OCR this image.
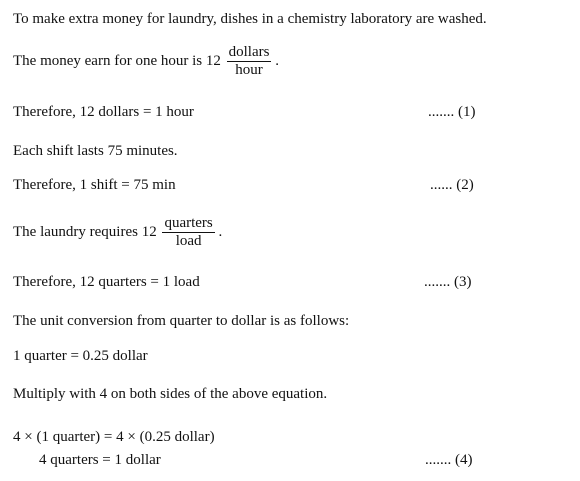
To make extra money for laundry, dishes in a chemistry laboratory are washed.
The money earn for one hour is $12 \frac{\text{dollars}}{\text{hour}}$ .
Therefore, 12 dollars = 1 hour	....... (1)
Each shift lasts 75 minutes.
Therefore, 1 shift = 75 min	...... (2)
The laundry requires $12 \frac{\text{quarters}}{\text{load}}$ .
Therefore, 12 quarters = 1 load	....... (3)
The unit conversion from quarter to dollar is as follows:
1 quarter = 0.25 dollar
Multiply with 4 on both sides of the above equation.
4 × (1 quarter) = 4 × (0.25 dollar)
4 quarters = 1 dollar	....... (4)
